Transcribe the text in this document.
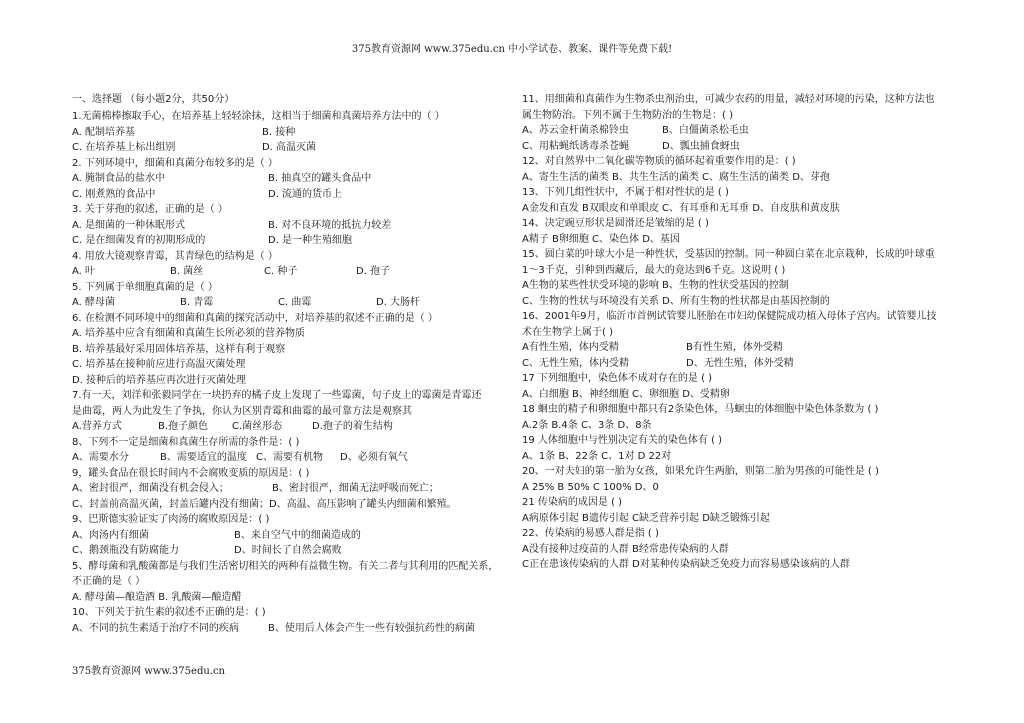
375教育资源网 www.375edu.cn 中小学试卷、教案、课件等免费下载!
一、选择题 （每小题2分，共50分）
1.无菌棉棒擦取手心，在培养基上轻轻涂抹，这相当于细菌和真菌培养方法中的（ ）
A. 配制培养基	B. 接种
C. 在培养基上标出组别	D. 高温灭菌
2. 下列环境中，细菌和真菌分布较多的是（ ）
A. 腌制食品的盐水中	B. 抽真空的罐头食品中
C. 刚煮熟的食品中	D. 流通的货币上
3. 关于芽孢的叙述，正确的是（ ）
A. 是细菌的一种休眠形式	B. 对不良环境的抵抗力较差
C. 是在细菌发育的初期形成的	D. 是一种生殖细胞
4. 用放大镜观察青霉，其青绿色的结构是（ ）
A. 叶	B. 菌丝	C. 种子	D. 孢子
5. 下列属于单细胞真菌的是（ ）
A. 酵母菌	B. 青霉	C. 曲霉	D. 大肠杆
6. 在检测不同环境中的细菌和真菌的探究活动中，对培养基的叙述不正确的是（ ）
A. 培养基中应含有细菌和真菌生长所必须的营养物质
B. 培养基最好采用固体培养基，这样有利于观察
C. 培养基在接种前应进行高温灭菌处理
D. 接种后的培养基应再次进行灭菌处理
7.有一天，刘洋和张毅同学在一块扔弃的橘子皮上发现了一些霉菌，句子皮上的霉菌是青霉还
是曲霉，两人为此发生了争执，你认为区别青霉和曲霉的最可靠方法是观察其
A.营养方式	B.孢子颜色 C.菌丝形态	D.孢子的着生结构
8、下列不一定是细菌和真菌生存所需的条件是：( )
A、需要水分	B、需要适宜的温度 C、需要有机物 D、必须有氧气
9，罐头食品在很长时间内不会腐败变质的原因是：( )
A、密封很严，细菌没有机会侵入；	B、密封很严，细菌无法呼吸而死亡；
C、封盖前高温灭菌，封盖后罐内没有细菌；D、高温、高压影响了罐头内细菌和繁殖。
9、巴斯德实验证实了肉汤的腐败原因是：( )
A、肉汤内有细菌	B、来自空气中的细菌造成的
C、鹅颈瓶没有防腐能力	D、时间长了自然会腐败
5、酵母菌和乳酸菌都是与我们生活密切相关的两种有益微生物。有关二者与其利用的匹配关系，
不正确的是（ ）
A. 酵母菌—酿造酒 B. 乳酸菌—酿造醋
10、下列关于抗生素的叙述不正确的是：( )
A、不同的抗生素适于治疗不同的疾病	B、使用后人体会产生一些有较强抗药性的病菌
11、用细菌和真菌作为生物杀虫剂治虫，可减少农药的用量，减轻对环境的污染，这种方法也
属生物防治。下列不属于生物防治的生物是：( )
A、苏云金杆菌杀棉铃虫	B、白僵菌杀松毛虫
C、用粘蝇纸诱毒杀苍蝇	D、瓢虫捕食蚜虫
12、对自然界中二氧化碳等物质的循环起着重要作用的是：( )
A、寄生生活的菌类 B、共生生活的菌类 C、腐生生活的菌类 D、芽孢
13、下列几组性状中，不属于相对性状的是 ( )
A金发和直发 B双眼皮和单眼皮 C、有耳垂和无耳垂 D、自皮肤和黄皮肤
14、决定豌豆形状是圆滑还是皱缩的是 ( )
A精子 B卵细胞 C、染色体 D、基因
15、圆白菜的叶球大小是一种性状，受基因的控制。同一种圆白菜在北京栽种，长成的叶球重
1～3千克，引种到西藏后，最大的竟达到6千克。这说明 ( )
A生物的某些性状受环境的影响 B、生物的性状受基因的控制
C、生物的性状与环境没有关系 D、所有生物的性状都是由基因控制的
16、2001年9月，临沂市首例试管婴儿胚胎在市妇幼保健院成功植入母体子宫内。试管婴儿技
术在生物学上属于( )
A有性生殖，体内受精	B有性生殖，体外受精
C、无性生殖，体内受精	D、无性生殖，体外受精
17 下列细胞中，染色体不成对存在的是 ( )
A、白细胞 B、神经细胞 C、卵细胞 D、受精卵
18 蛔虫的精子和卵细胞中都只有2条染色体，马蛔虫的体细胞中染色体条数为 ( )
A.2条 B.4条 C、3条 D、8条
19 人体细胞中与性别决定有关的染色体有 ( )
A、1条 B、22条 C、1对 D 22对
20、一对夫妇的第一胎为女孩，如果允许生两胎，则第二胎为男孩的可能性是 ( )
A 25% B 50% C 100% D、0
21 传染病的成因是 ( )
A病原体引起 B遗传引起 C缺乏营养引起 D缺乏锻炼引起
22、传染病的易感人群是指 ( )
A没有接种过疫苗的人群 B经常患传染病的人群
C正在患该传染病的人群 D对某种传染病缺乏免疫力而容易感染该病的人群
375教育资源网 www.375edu.cn
